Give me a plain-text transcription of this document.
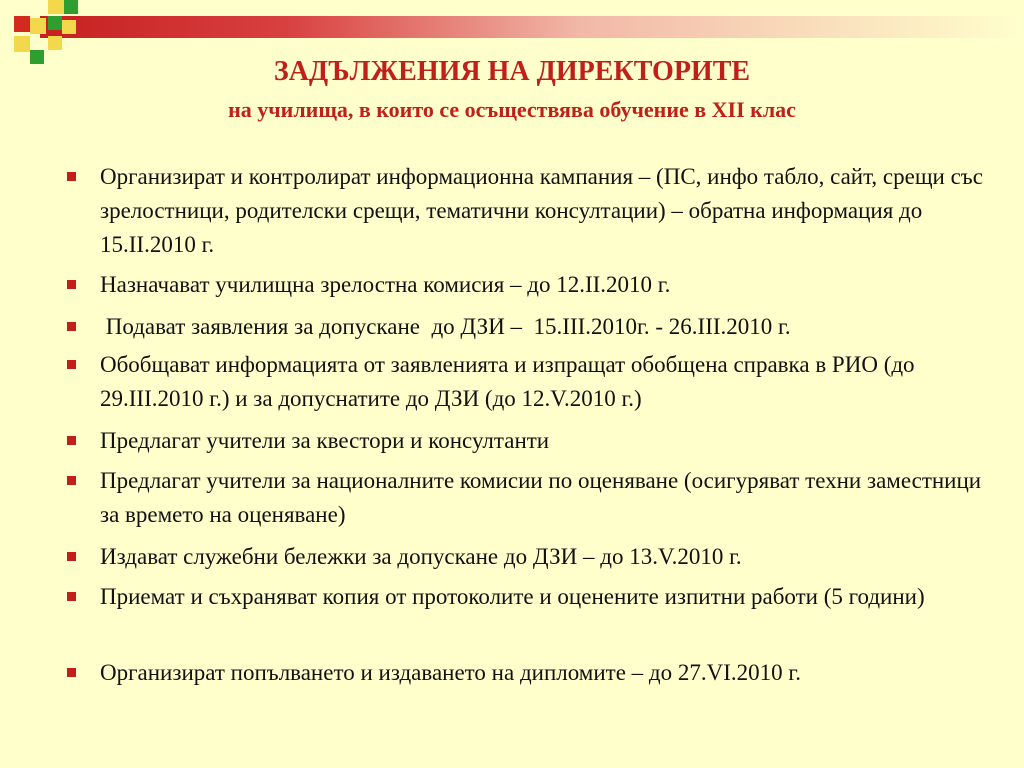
ЗАДЪЛЖЕНИЯ НА ДИРЕКТОРИТЕ
на училища, в които се осъществява обучение в XII клас
Организират и контролират информационна кампания – (ПС, инфо табло, сайт, срещи със зрелостници, родителски срещи, тематични консултации) – обратна информация до 15.II.2010 г.
Назначават училищна зрелостна комисия – до 12.II.2010 г.
Подават заявления за допускане  до ДЗИ –  15.III.2010г. - 26.III.2010 г.
Обобщават информацията от заявленията и изпращат обобщена справка в РИО (до 29.III.2010 г.) и за допуснатите до ДЗИ (до 12.V.2010 г.)
Предлагат учители за квестори и консултанти
Предлагат учители за националните комисии по оценяване (осигуряват техни заместници за времето на оценяване)
Издават служебни бележки за допускане до ДЗИ – до 13.V.2010 г.
Приемат и съхраняват копия от протоколите и оценените изпитни работи (5 години)
Организират попълването и издаването на дипломите – до 27.VI.2010 г.
